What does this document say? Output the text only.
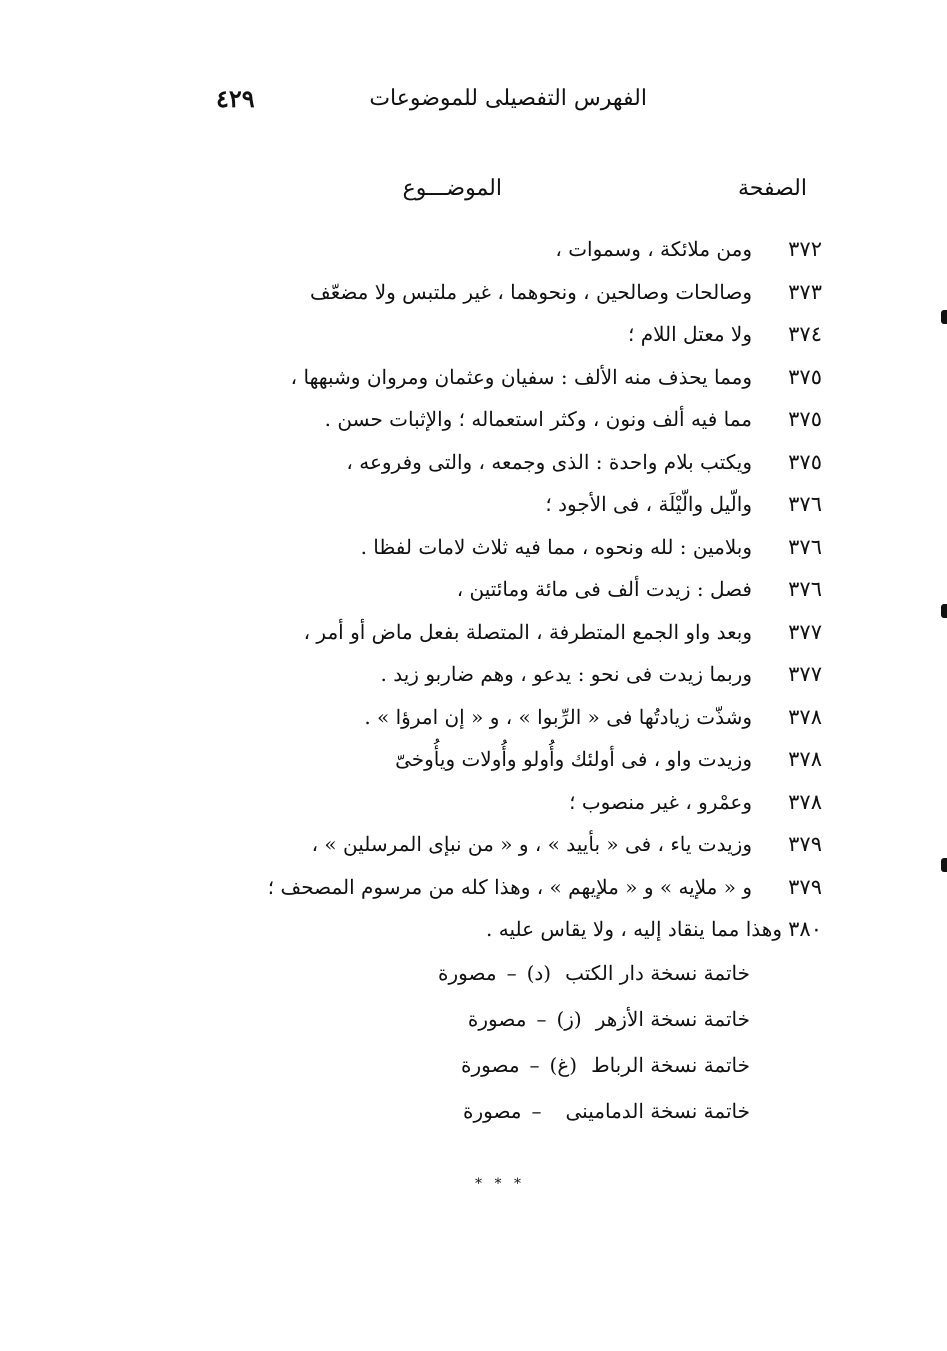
الفهرس التفصيلى للموضوعات
٤٢٩
الصفحة
الموضـــوع
٣٧٢
ومن ملائكة ، وسموات ،
٣٧٣
وصالحات وصالحين ، ونحوهما ، غير ملتبس ولا مضعّف
٣٧٤
ولا معتل اللام ؛
٣٧٥
ومما يحذف منه الألف : سفيان وعثمان ومروان وشبهها ،
٣٧٥
مما فيه ألف ونون ، وكثر استعماله ؛ والإثبات حسن .
٣٧٥
ويكتب بلام واحدة : الذى وجمعه ، والتى وفروعه ،
٣٧٦
والّيل والّيْلَة ، فى الأجود ؛
٣٧٦
وبلامين : لله ونحوه ، مما فيه ثلاث لامات لفظا .
٣٧٦
فصل : زيدت ألف فى مائة ومائتين ،
٣٧٧
وبعد واو الجمع المتطرفة ، المتصلة بفعل ماض أو أمر ،
٣٧٧
وربما زيدت فى نحو : يدعو ، وهم ضاربو زيد .
٣٧٨
وشذّت زيادتُها فى « الرِّبوا » ، و « إن امرؤا » .
٣٧٨
وزيدت واو ، فى أولئك وأُولو وأُولات ويأُوخىّ
٣٧٨
وعمْرو ، غير منصوب ؛
٣٧٩
وزيدت ياء ، فى « بأييد » ، و « من نبإى المرسلين » ،
٣٧٩
و « ملإيه » و « ملإيهم » ، وهذا كله من مرسوم المصحف ؛
٣٨٠
وهذا مما ينقاد إليه ، ولا يقاس عليه .
خاتمة نسخة دار الكتب
(د)
–
مصورة
خاتمة نسخة الأزهر
(ز)
–
مصورة
خاتمة نسخة الرباط
(غ)
–
مصورة
خاتمة نسخة الدمامينى
–
مصورة
* * *
